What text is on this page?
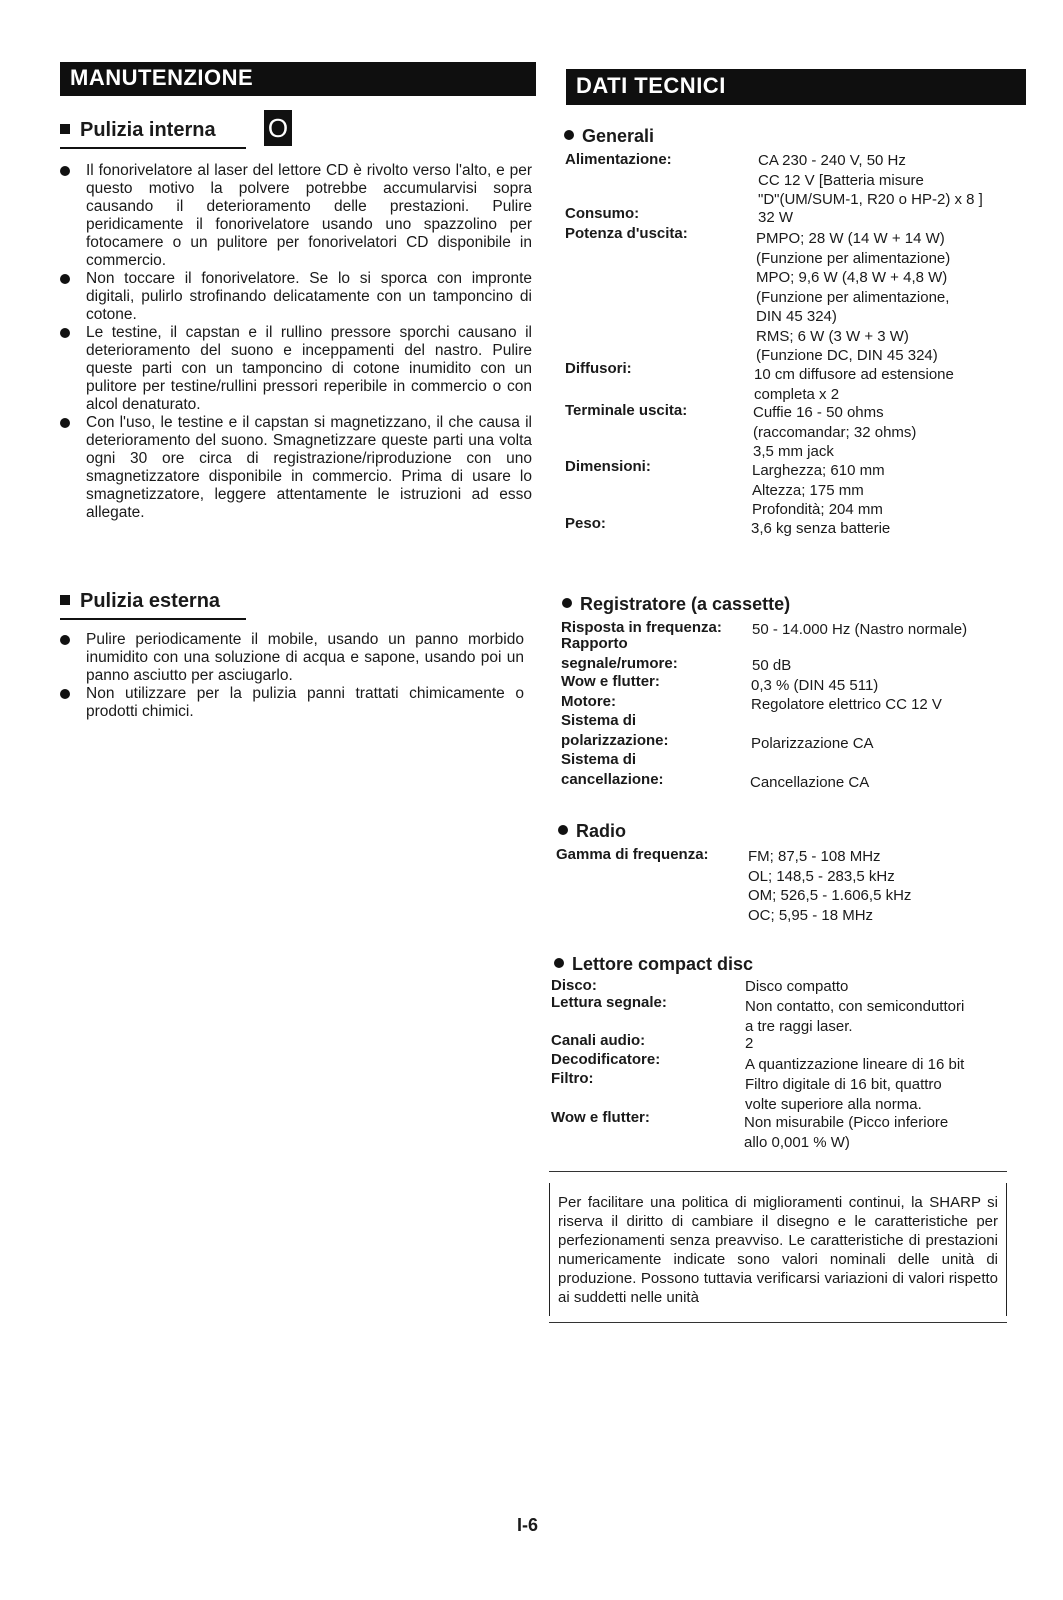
MANUTENZIONE
Pulizia interna O
Il fonorivelatore al laser del lettore CD è rivolto verso l'alto, e per questo motivo la polvere potrebbe accumularvisi sopra causando il deterioramento delle prestazioni. Pulire peridicamente il fonorivelatore usando uno spazzolino per fotocamere o un pulitore per fonorivelatori CD disponibile in commercio.
Non toccare il fonorivelatore. Se lo si sporca con impronte digitali, pulirlo strofinando delicatamente con un tamponcino di cotone.
Le testine, il capstan e il rullino pressore sporchi causano il deterioramento del suono e inceppamenti del nastro. Pulire queste parti con un tamponcino di cotone inumidito con un pulitore per testine/rullini pressori reperibile in commercio o con alcol denaturato.
Con l'uso, le testine e il capstan si magnetizzano, il che causa il deterioramento del suono. Smagnetizzare queste parti una volta ogni 30 ore circa di registrazione/riproduzione con uno smagnetizzatore disponibile in commercio. Prima di usare lo smagnetizzatore, leggere attentamente le istruzioni ad esso allegate.
Pulizia esterna
Pulire periodicamente il mobile, usando un panno morbido inumidito con una soluzione di acqua e sapone, usando poi un panno asciutto per asciugarlo.
Non utilizzare per la pulizia panni trattati chimicamente o prodotti chimici.
DATI TECNICI
Generali
Alimentazione:	CA 230 - 240 V, 50 Hz
CC 12 V [Batteria misure
"D"(UM/SUM-1, R20 o HP-2) x 8 ]
Consumo:	32 W
Potenza d'uscita:	PMPO; 28 W (14 W + 14 W)
(Funzione per alimentazione)
MPO; 9,6 W (4,8 W + 4,8 W)
(Funzione per alimentazione,
DIN 45 324)
RMS; 6 W (3 W + 3 W)
(Funzione DC, DIN 45 324)
Diffusori:	10 cm diffusore ad estensione
completa x 2
Terminale uscita:	Cuffie 16 - 50 ohms
(raccomandar; 32 ohms)
3,5 mm jack
Dimensioni:	Larghezza; 610 mm
Altezza; 175 mm
Profondità; 204 mm
Peso:	3,6 kg senza batterie
Registratore (a cassette)
Risposta in frequenza: 50 - 14.000 Hz (Nastro normale)
Rapporto
segnale/rumore:	50 dB
Wow e flutter:	0,3 % (DIN 45 511)
Motore:	Regolatore elettrico CC 12 V
Sistema di
polarizzazione:	Polarizzazione CA
Sistema di
cancellazione:	Cancellazione CA
Radio
Gamma di frequenza:	FM; 87,5 - 108 MHz
OL; 148,5 - 283,5 kHz
OM; 526,5 - 1.606,5 kHz
OC; 5,95 - 18 MHz
Lettore compact disc
Disco:	Disco compatto
Lettura segnale:	Non contatto, con semiconduttori
a tre raggi laser.
Canali audio:	2
Decodificatore:	A quantizzazione lineare di 16 bit
Filtro:	Filtro digitale di 16 bit, quattro
volte superiore alla norma.
Wow e flutter:	Non misurabile (Picco inferiore
allo 0,001 % W)
Per facilitare una politica di miglioramenti continui, la SHARP si riserva il diritto di cambiare il disegno e le caratteristiche per perfezionamenti senza preavviso. Le caratteristiche di prestazioni numericamente indicate sono valori nominali delle unità di produzione. Possono tuttavia verificarsi variazioni di valori rispetto ai suddetti nelle unità
I-6
